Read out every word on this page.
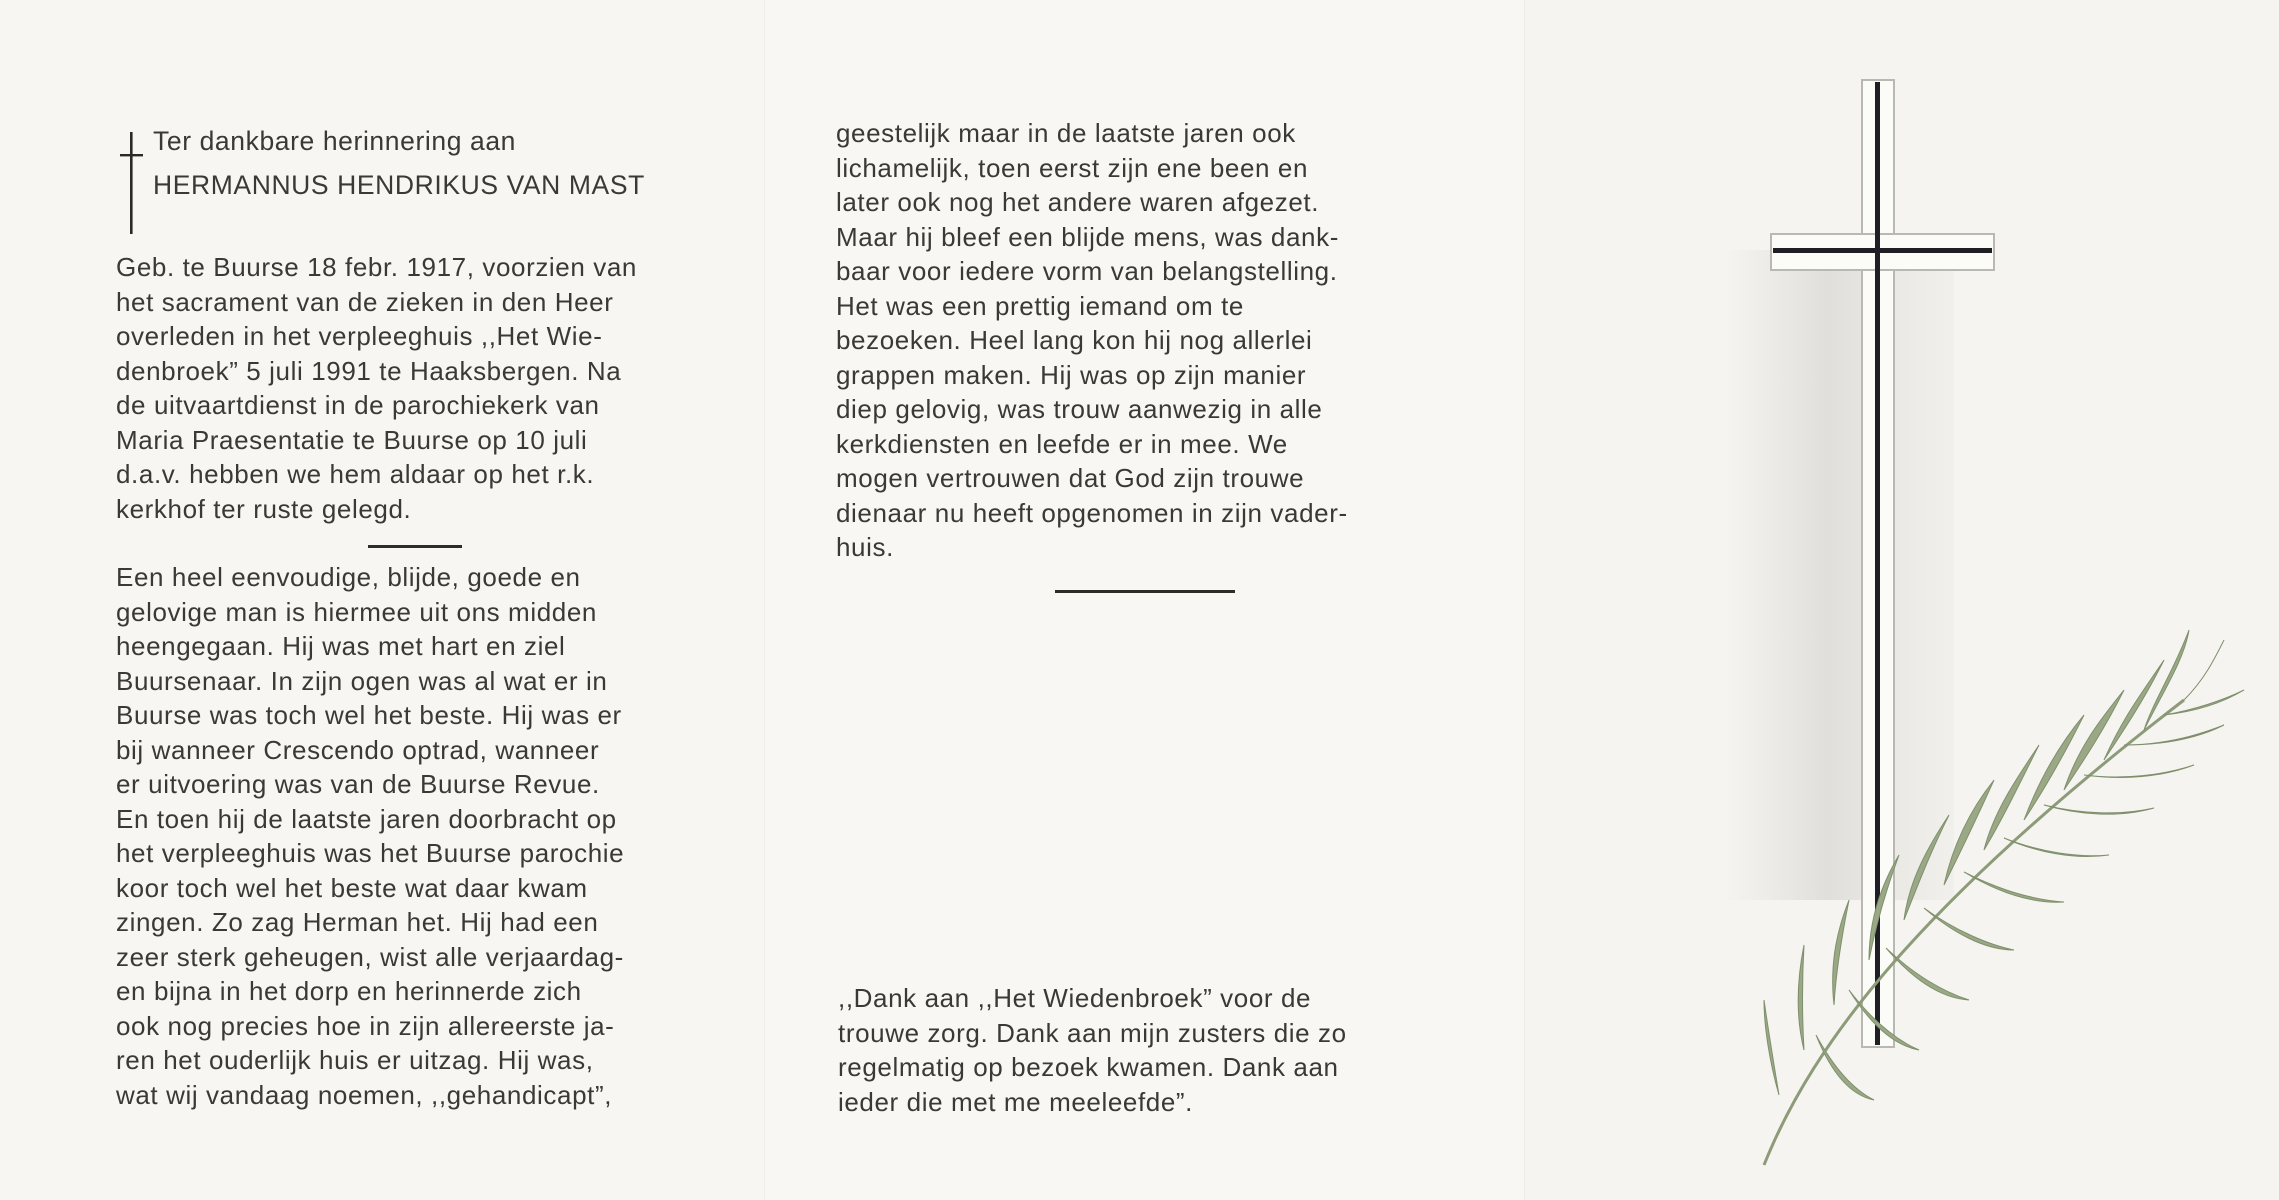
Ter dankbare herinnering aan
HERMANNUS HENDRIKUS VAN MAST

Geb. te Buurse 18 febr. 1917, voorzien van
het sacrament van de zieken in den Heer
overleden in het verpleeghuis ,,Het Wie-
denbroek” 5 juli 1991 te Haaksbergen. Na
de uitvaartdienst in de parochiekerk van
Maria Praesentatie te Buurse op 10 juli
d.a.v. hebben we hem aldaar op het r.k.
kerkhof ter ruste gelegd.

Een heel eenvoudige, blijde, goede en
gelovige man is hiermee uit ons midden
heengegaan. Hij was met hart en ziel
Buursenaar. In zijn ogen was al wat er in
Buurse was toch wel het beste. Hij was er
bij wanneer Crescendo optrad, wanneer
er uitvoering was van de Buurse Revue.
En toen hij de laatste jaren doorbracht op
het verpleeghuis was het Buurse parochie
koor toch wel het beste wat daar kwam
zingen. Zo zag Herman het. Hij had een
zeer sterk geheugen, wist alle verjaardag-
en bijna in het dorp en herinnerde zich
ook nog precies hoe in zijn allereerste ja-
ren het ouderlijk huis er uitzag. Hij was,
wat wij vandaag noemen, ,,gehandicapt”,

geestelijk maar in de laatste jaren ook
lichamelijk, toen eerst zijn ene been en
later ook nog het andere waren afgezet.
Maar hij bleef een blijde mens, was dank-
baar voor iedere vorm van belangstelling.
Het was een prettig iemand om te
bezoeken. Heel lang kon hij nog allerlei
grappen maken. Hij was op zijn manier
diep gelovig, was trouw aanwezig in alle
kerkdiensten en leefde er in mee. We
mogen vertrouwen dat God zijn trouwe
dienaar nu heeft opgenomen in zijn vader-
huis.

,,Dank aan ,,Het Wiedenbroek” voor de
trouwe zorg. Dank aan mijn zusters die zo
regelmatig op bezoek kwamen. Dank aan
ieder die met me meeleefde”.
